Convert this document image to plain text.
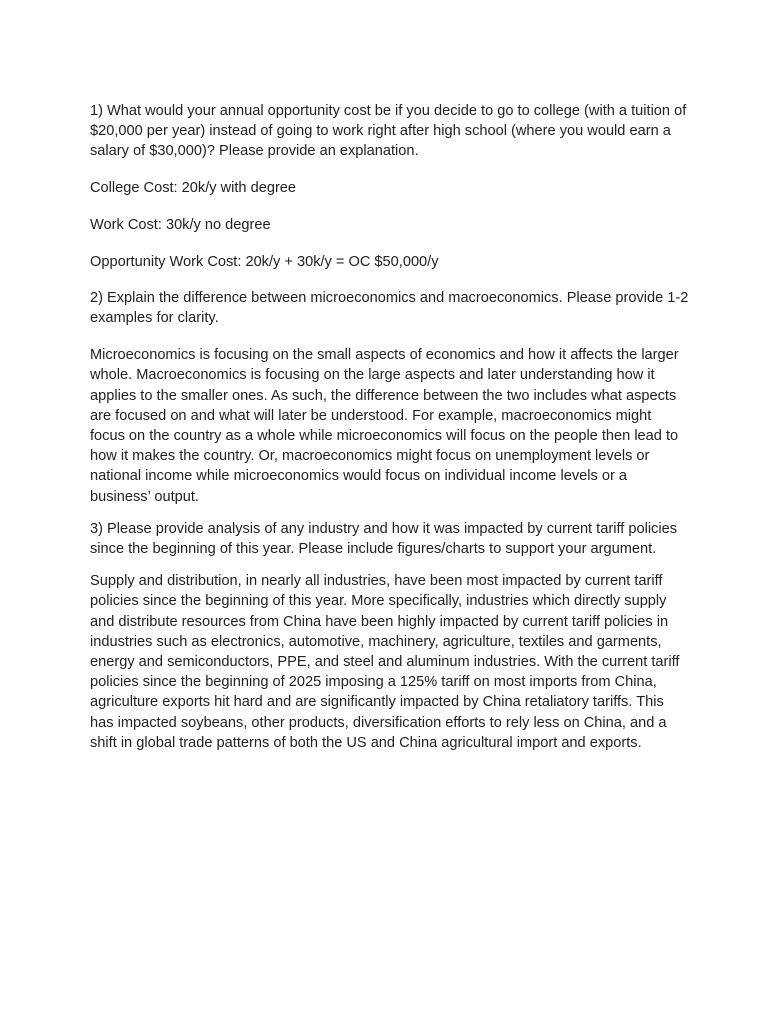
1) What would your annual opportunity cost be if you decide to go to college (with a tuition of $20,000 per year) instead of going to work right after high school (where you would earn a salary of $30,000)? Please provide an explanation.

College Cost: 20k/y with degree

Work Cost: 30k/y no degree

Opportunity Work Cost: 20k/y + 30k/y = OC $50,000/y

2) Explain the difference between microeconomics and macroeconomics. Please provide 1-2 examples for clarity.

Microeconomics is focusing on the small aspects of economics and how it affects the larger whole. Macroeconomics is focusing on the large aspects and later understanding how it applies to the smaller ones. As such, the difference between the two includes what aspects are focused on and what will later be understood. For example, macroeconomics might focus on the country as a whole while microeconomics will focus on the people then lead to how it makes the country. Or, macroeconomics might focus on unemployment levels or national income while microeconomics would focus on individual income levels or a business’ output.

3) Please provide analysis of any industry and how it was impacted by current tariff policies since the beginning of this year. Please include figures/charts to support your argument.

Supply and distribution, in nearly all industries, have been most impacted by current tariff policies since the beginning of this year. More specifically, industries which directly supply and distribute resources from China have been highly impacted by current tariff policies in industries such as electronics, automotive, machinery, agriculture, textiles and garments, energy and semiconductors, PPE, and steel and aluminum industries. With the current tariff policies since the beginning of 2025 imposing a 125% tariff on most imports from China, agriculture exports hit hard and are significantly impacted by China retaliatory tariffs. This has impacted soybeans, other products, diversification efforts to rely less on China, and a shift in global trade patterns of both the US and China agricultural import and exports.
